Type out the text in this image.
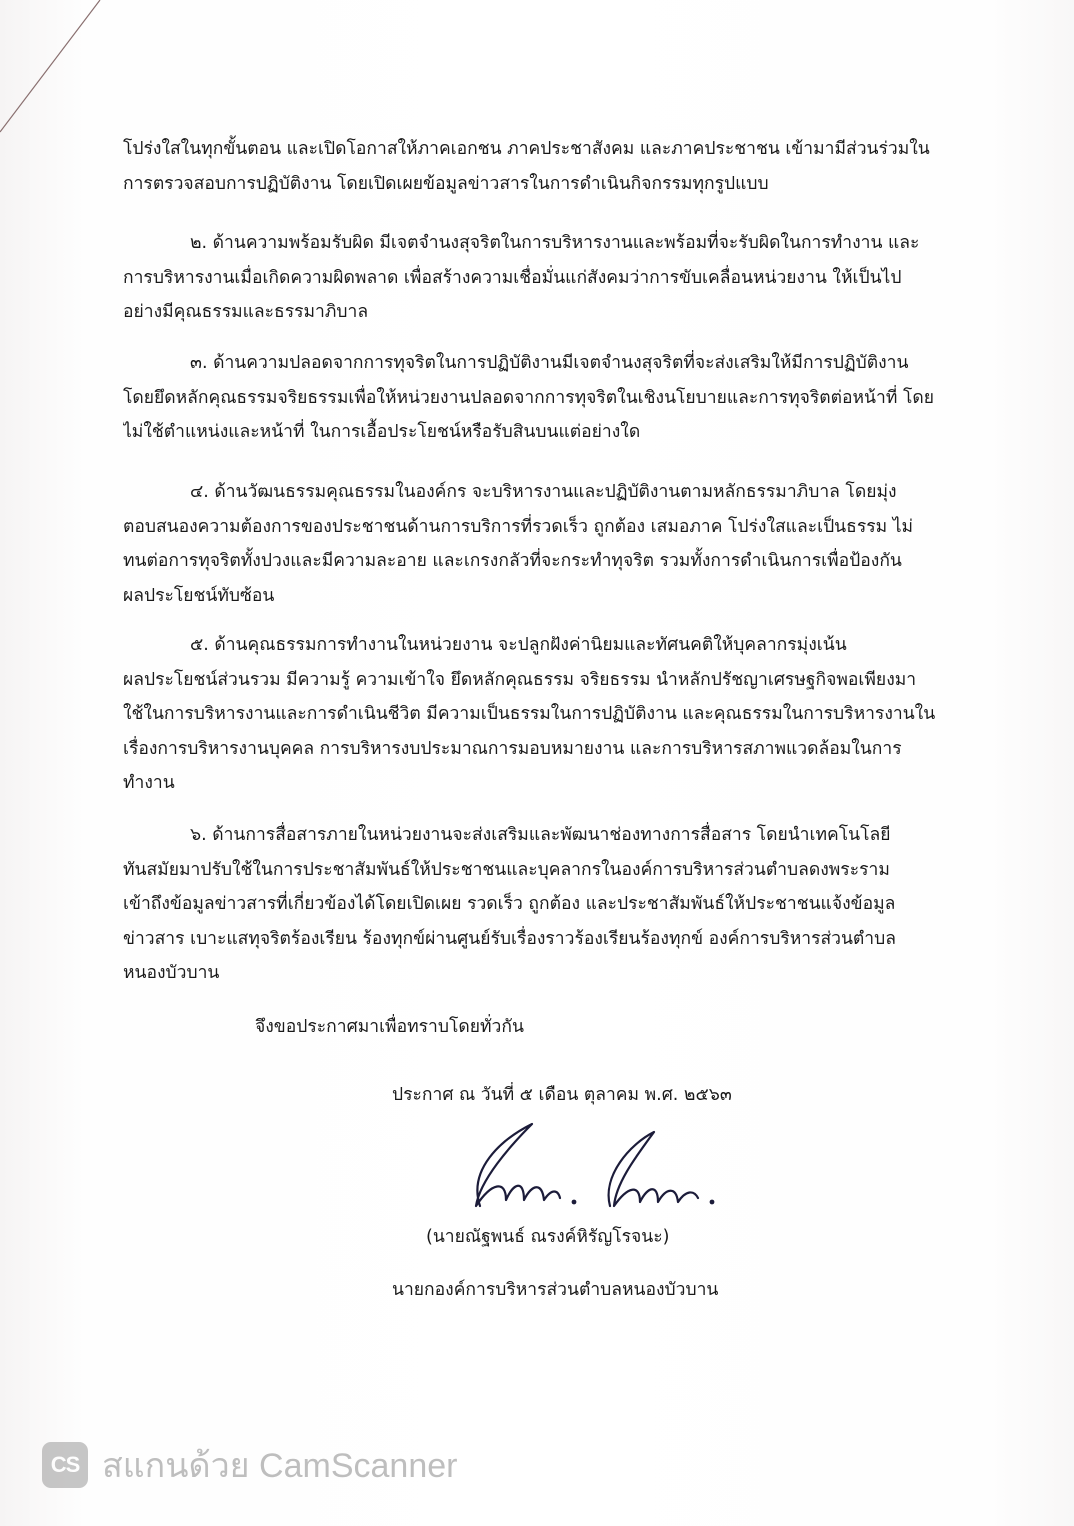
โปร่งใสในทุกขั้นตอน และเปิดโอกาสให้ภาคเอกชน ภาคประชาสังคม และภาคประชาชน เข้ามามีส่วนร่วมใน
การตรวจสอบการปฏิบัติงาน โดยเปิดเผยข้อมูลข่าวสารในการดำเนินกิจกรรมทุกรูปแบบ

๒. ด้านความพร้อมรับผิด มีเจตจำนงสุจริตในการบริหารงานและพร้อมที่จะรับผิดในการทำงาน และ
การบริหารงานเมื่อเกิดความผิดพลาด เพื่อสร้างความเชื่อมั่นแก่สังคมว่าการขับเคลื่อนหน่วยงาน ให้เป็นไป
อย่างมีคุณธรรมและธรรมาภิบาล

๓. ด้านความปลอดจากการทุจริตในการปฏิบัติงานมีเจตจำนงสุจริตที่จะส่งเสริมให้มีการปฏิบัติงาน
โดยยึดหลักคุณธรรมจริยธรรมเพื่อให้หน่วยงานปลอดจากการทุจริตในเชิงนโยบายและการทุจริตต่อหน้าที่ โดย
ไม่ใช้ตำแหน่งและหน้าที่ ในการเอื้อประโยชน์หรือรับสินบนแต่อย่างใด

๔. ด้านวัฒนธรรมคุณธรรมในองค์กร จะบริหารงานและปฏิบัติงานตามหลักธรรมาภิบาล โดยมุ่ง
ตอบสนองความต้องการของประชาชนด้านการบริการที่รวดเร็ว ถูกต้อง เสมอภาค โปร่งใสและเป็นธรรม ไม่
ทนต่อการทุจริตทั้งปวงและมีความละอาย และเกรงกลัวที่จะกระทำทุจริต รวมทั้งการดำเนินการเพื่อป้องกัน
ผลประโยชน์ทับซ้อน

๕. ด้านคุณธรรมการทำงานในหน่วยงาน จะปลูกฝังค่านิยมและทัศนคติให้บุคลากรมุ่งเน้น
ผลประโยชน์ส่วนรวม มีความรู้ ความเข้าใจ ยึดหลักคุณธรรม จริยธรรม นำหลักปรัชญาเศรษฐกิจพอเพียงมา
ใช้ในการบริหารงานและการดำเนินชีวิต มีความเป็นธรรมในการปฏิบัติงาน และคุณธรรมในการบริหารงานใน
เรื่องการบริหารงานบุคคล การบริหารงบประมาณการมอบหมายงาน และการบริหารสภาพแวดล้อมในการ
ทำงาน

๖. ด้านการสื่อสารภายในหน่วยงานจะส่งเสริมและพัฒนาช่องทางการสื่อสาร โดยนำเทคโนโลยี
ทันสมัยมาปรับใช้ในการประชาสัมพันธ์ให้ประชาชนและบุคลากรในองค์การบริหารส่วนตำบลดงพระราม
เข้าถึงข้อมูลข่าวสารที่เกี่ยวข้องได้โดยเปิดเผย รวดเร็ว ถูกต้อง และประชาสัมพันธ์ให้ประชาชนแจ้งข้อมูล
ข่าวสาร เบาะแสทุจริตร้องเรียน ร้องทุกข์ผ่านศูนย์รับเรื่องราวร้องเรียนร้องทุกข์ องค์การบริหารส่วนตำบล
หนองบัวบาน

จึงขอประกาศมาเพื่อทราบโดยทั่วกัน
ประกาศ ณ วันที่ ๕ เดือน ตุลาคม พ.ศ. ๒๕๖๓
(นายณัฐพนธ์ ณรงค์หิรัญโรจนะ)
นายกองค์การบริหารส่วนตำบลหนองบัวบาน
CS สแกนด้วย CamScanner
